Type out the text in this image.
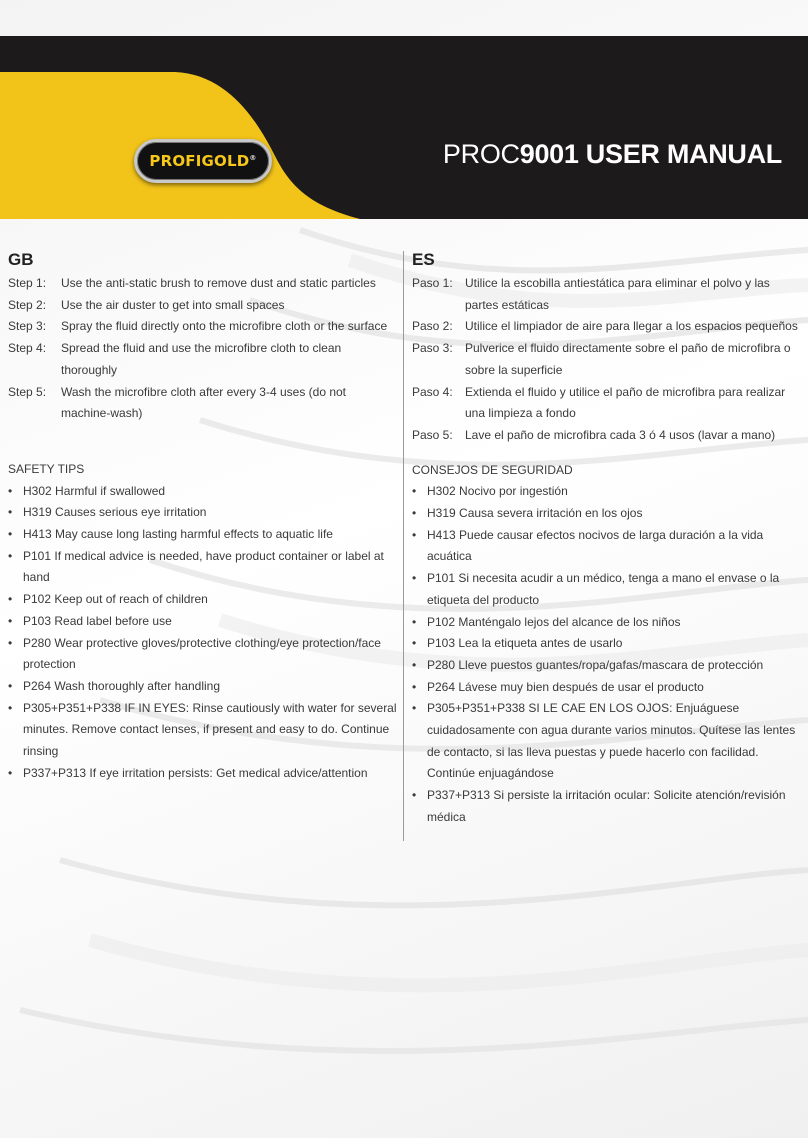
PROFIGOLD®	PROC9001 USER MANUAL
GB
Step 1:	Use the anti-static brush to remove dust and static particles
Step 2:	Use the air duster to get into small spaces
Step 3:	Spray the fluid directly onto the microfibre cloth or the surface
Step 4:	Spread the fluid and use the microfibre cloth to clean thoroughly
Step 5:	Wash the microfibre cloth after every 3-4 uses (do not machine-wash)
SAFETY TIPS
• H302 Harmful if swallowed
• H319 Causes serious eye irritation
• H413 May cause long lasting harmful effects to aquatic life
• P101 If medical advice is needed, have product container or label at hand
• P102 Keep out of reach of children
• P103 Read label before use
• P280 Wear protective gloves/protective clothing/eye protection/face protection
• P264 Wash thoroughly after handling
• P305+P351+P338 IF IN EYES: Rinse cautiously with water for several minutes. Remove contact lenses, if present and easy to do. Continue rinsing
• P337+P313 If eye irritation persists: Get medical advice/attention
ES
Paso 1:	Utilice la escobilla antiestática para eliminar el polvo y las partes estáticas
Paso 2:	Utilice el limpiador de aire para llegar a los espacios pequeños
Paso 3:	Pulverice el fluido directamente sobre el paño de microfibra o sobre la superficie
Paso 4:	Extienda el fluido y utilice el paño de microfibra para realizar una limpieza a fondo
Paso 5:	Lave el paño de microfibra cada 3 ó 4 usos (lavar a mano)
CONSEJOS DE SEGURIDAD
• H302 Nocivo por ingestión
• H319 Causa severa irritación en los ojos
• H413 Puede causar efectos nocivos de larga duración a la vida acuática
• P101 Si necesita acudir a un médico, tenga a mano el envase o la etiqueta del producto
• P102 Manténgalo lejos del alcance de los niños
• P103 Lea la etiqueta antes de usarlo
• P280 Lleve puestos guantes/ropa/gafas/mascara de protección
• P264 Lávese muy bien después de usar el producto
• P305+P351+P338 SI LE CAE EN LOS OJOS: Enjuáguese cuidadosamente con agua durante varios minutos. Quítese las lentes de contacto, si las lleva puestas y puede hacerlo con facilidad. Continúe enjuagándose
• P337+P313 Si persiste la irritación ocular: Solicite atención/revisión médica
